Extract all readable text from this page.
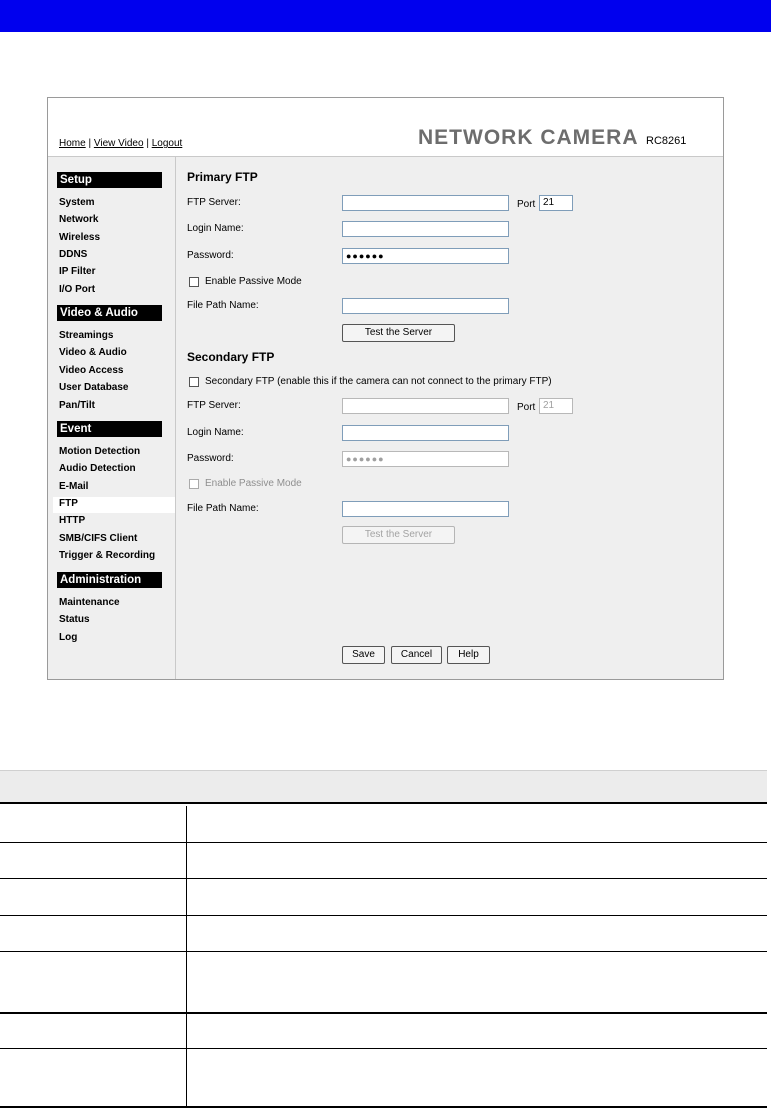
Home | View Video | Logout	NETWORK CAMERA RC8261
Setup
System
Network
Wireless
DDNS
IP Filter
I/O Port
Video & Audio
Streamings
Video & Audio
Video Access
User Database
Pan/Tilt
Event
Motion Detection
Audio Detection
E-Mail
FTP
HTTP
SMB/CIFS Client
Trigger & Recording
Administration
Maintenance
Status
Log
Primary FTP
FTP Server:	Port 21
Login Name:
Password:	●●●●●●
Enable Passive Mode
File Path Name:
Test the Server
Secondary FTP
Secondary FTP (enable this if the camera can not connect to the primary FTP)
FTP Server:	Port 21
Login Name:
Password:	●●●●●●
Enable Passive Mode
File Path Name:
Test the Server
Save	Cancel	Help
